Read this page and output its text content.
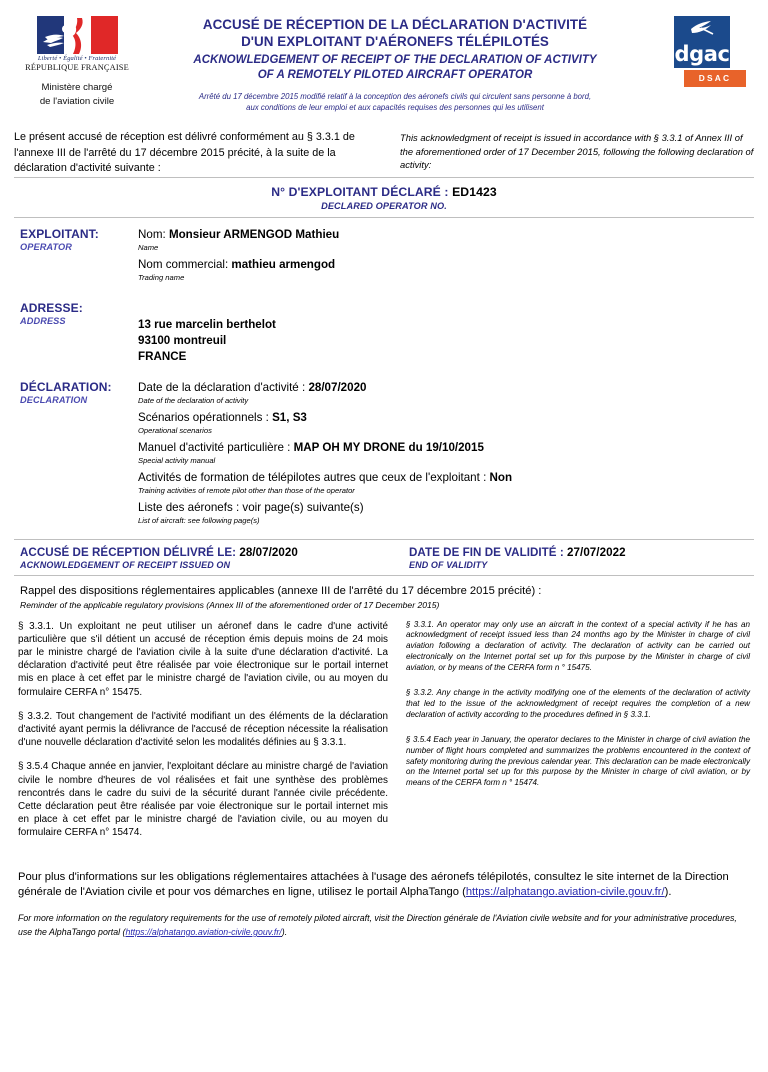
Liberté • Égalité • Fraternité
RÉPUBLIQUE FRANÇAISE
Ministère chargé
de l'aviation civile
ACCUSÉ DE RÉCEPTION DE LA DÉCLARATION D'ACTIVITÉ
D'UN EXPLOITANT D'AÉRONEFS TÉLÉPILOTÉS
ACKNOWLEDGEMENT OF RECEIPT OF THE DECLARATION OF ACTIVITY
OF A REMOTELY PILOTED AIRCRAFT OPERATOR
Arrêté du 17 décembre 2015 modifié relatif à la conception des aéronefs civils qui circulent sans personne à bord,
aux conditions de leur emploi et aux capacités requises des personnes qui les utilisent
dgac
DSAC
Le présent accusé de réception est délivré conformément au § 3.3.1 de l'annexe III de l'arrêté du 17 décembre 2015 précité, à la suite de la déclaration d'activité suivante :
This acknowledgment of receipt is issued in accordance with § 3.3.1 of Annex III of the aforementioned order of 17 December 2015, following the following declaration of activity:
N° D'EXPLOITANT DÉCLARÉ : ED1423
DECLARED OPERATOR NO.
EXPLOITANT:
OPERATOR
Nom: Monsieur ARMENGOD Mathieu
Name
Nom commercial: mathieu armengod
Trading name
ADRESSE:
ADDRESS	13 rue marcelin berthelot
93100 montreuil
FRANCE
DÉCLARATION:
DECLARATION
Date de la déclaration d'activité : 28/07/2020
Date of the declaration of activity
Scénarios opérationnels : S1, S3
Operational scenarios
Manuel d'activité particulière : MAP OH MY DRONE du 19/10/2015
Special activity manual
Activités de formation de télépilotes autres que ceux de l'exploitant : Non
Training activities of remote pilot other than those of the operator
Liste des aéronefs : voir page(s) suivante(s)
List of aircraft: see following page(s)
ACCUSÉ DE RÉCEPTION DÉLIVRÉ LE: 28/07/2020
ACKNOWLEDGEMENT OF RECEIPT ISSUED ON
DATE DE FIN DE VALIDITÉ : 27/07/2022
END OF VALIDITY
Rappel des dispositions réglementaires applicables (annexe III de l'arrêté du 17 décembre 2015 précité) :
Reminder of the applicable regulatory provisions (Annex III of the aforementioned order of 17 December 2015)

§ 3.3.1. Un exploitant ne peut utiliser un aéronef dans le cadre d'une activité particulière que s'il détient un accusé de réception émis depuis moins de 24 mois par le ministre chargé de l'aviation civile à la suite d'une déclaration d'activité. La déclaration d'activité peut être réalisée par voie électronique sur le portail internet mis en place à cet effet par le ministre chargé de l'aviation civile, ou au moyen du formulaire CERFA n° 15475.

§ 3.3.2. Tout changement de l'activité modifiant un des éléments de la déclaration d'activité ayant permis la délivrance de l'accusé de réception nécessite la réalisation d'une nouvelle déclaration d'activité selon les modalités définies au § 3.3.1.

§ 3.5.4 Chaque année en janvier, l'exploitant déclare au ministre chargé de l'aviation civile le nombre d'heures de vol réalisées et fait une synthèse des problèmes rencontrés dans le cadre du suivi de la sécurité durant l'année civile précédente. Cette déclaration peut être réalisée par voie électronique sur le portail internet mis en place à cet effet par le ministre chargé de l'aviation civile, ou au moyen du formulaire CERFA n° 15474.

§ 3.3.1. An operator may only use an aircraft in the context of a special activity if he has an acknowledgment of receipt issued less than 24 months ago by the Minister in charge of civil aviation following a declaration of activity. The declaration of activity can be carried out electronically on the Internet portal set up for this purpose by the Minister in charge of civil aviation, or by means of the CERFA form n ° 15475.

§ 3.3.2. Any change in the activity modifying one of the elements of the declaration of activity that led to the issue of the acknowledgment of receipt requires the completion of a new declaration of activity according to the procedures defined in § 3.3.1.

§ 3.5.4 Each year in January, the operator declares to the Minister in charge of civil aviation the number of flight hours completed and summarizes the problems encountered in the context of safety monitoring during the previous calendar year. This declaration can be made electronically on the Internet portal set up for this purpose by the Minister in charge of civil aviation, or by means of the CERFA form n ° 15474.

Pour plus d'informations sur les obligations réglementaires attachées à l'usage des aéronefs télépilotés, consultez le site internet de la Direction générale de l'Aviation civile et pour vos démarches en ligne, utilisez le portail AlphaTango (https://alphatango.aviation-civile.gouv.fr/).
For more information on the regulatory requirements for the use of remotely piloted aircraft, visit the Direction générale de l'Aviation civile website and for your administrative procedures, use the AlphaTango portal (https://alphatango.aviation-civile.gouv.fr/).
